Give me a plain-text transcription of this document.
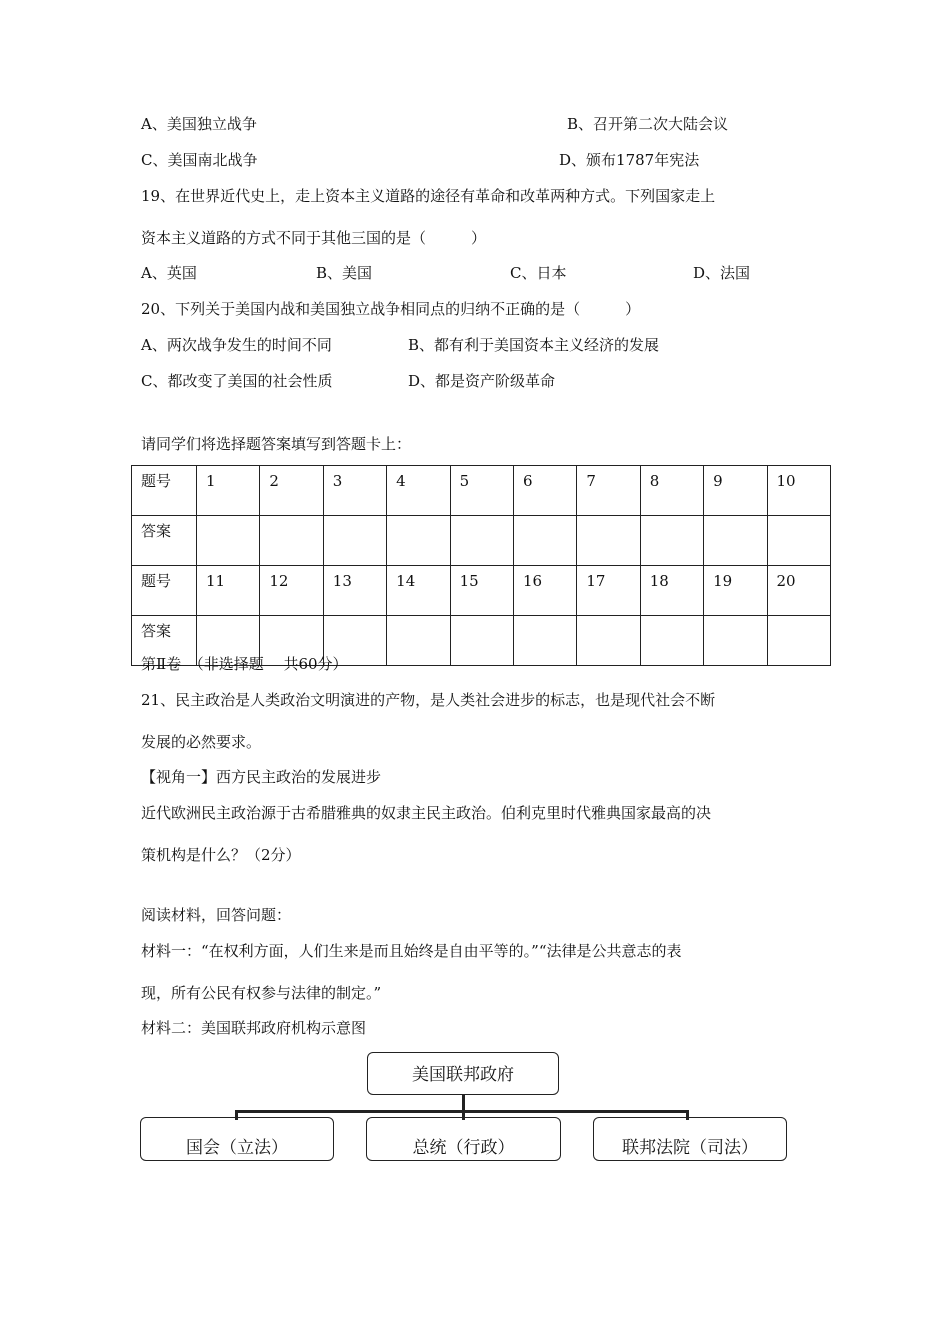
A、美国独立战争	B、召开第二次大陆会议
C、美国南北战争	D、颁布1787年宪法
19、在世界近代史上，走上资本主义道路的途径有革命和改革两种方式。下列国家走上
资本主义道路的方式不同于其他三国的是（　　　）
A、英国	B、美国	C、日本	D、法国
20、下列关于美国内战和美国独立战争相同点的归纳不正确的是（　　　）
A、两次战争发生的时间不同	B、都有利于美国资本主义经济的发展
C、都改变了美国的社会性质	D、都是资产阶级革命
请同学们将选择题答案填写到答题卡上：
题号	1	2	3	4	5	6	7	8	9	10
答案										
题号	11	12	13	14	15	16	17	18	19	20
答案										
第Ⅱ卷　（非选择题　 共60分）
21、民主政治是人类政治文明演进的产物，是人类社会进步的标志，也是现代社会不断
发展的必然要求。
【视角一】西方民主政治的发展进步
近代欧洲民主政治源于古希腊雅典的奴隶主民主政治。伯利克里时代雅典国家最高的决
策机构是什么？（2分）
阅读材料，回答问题：
材料一：“在权利方面，人们生来是而且始终是自由平等的。”“法律是公共意志的表
现，所有公民有权参与法律的制定。”
材料二：美国联邦政府机构示意图
美国联邦政府
国会（立法）	总统（行政）	联邦法院（司法）
